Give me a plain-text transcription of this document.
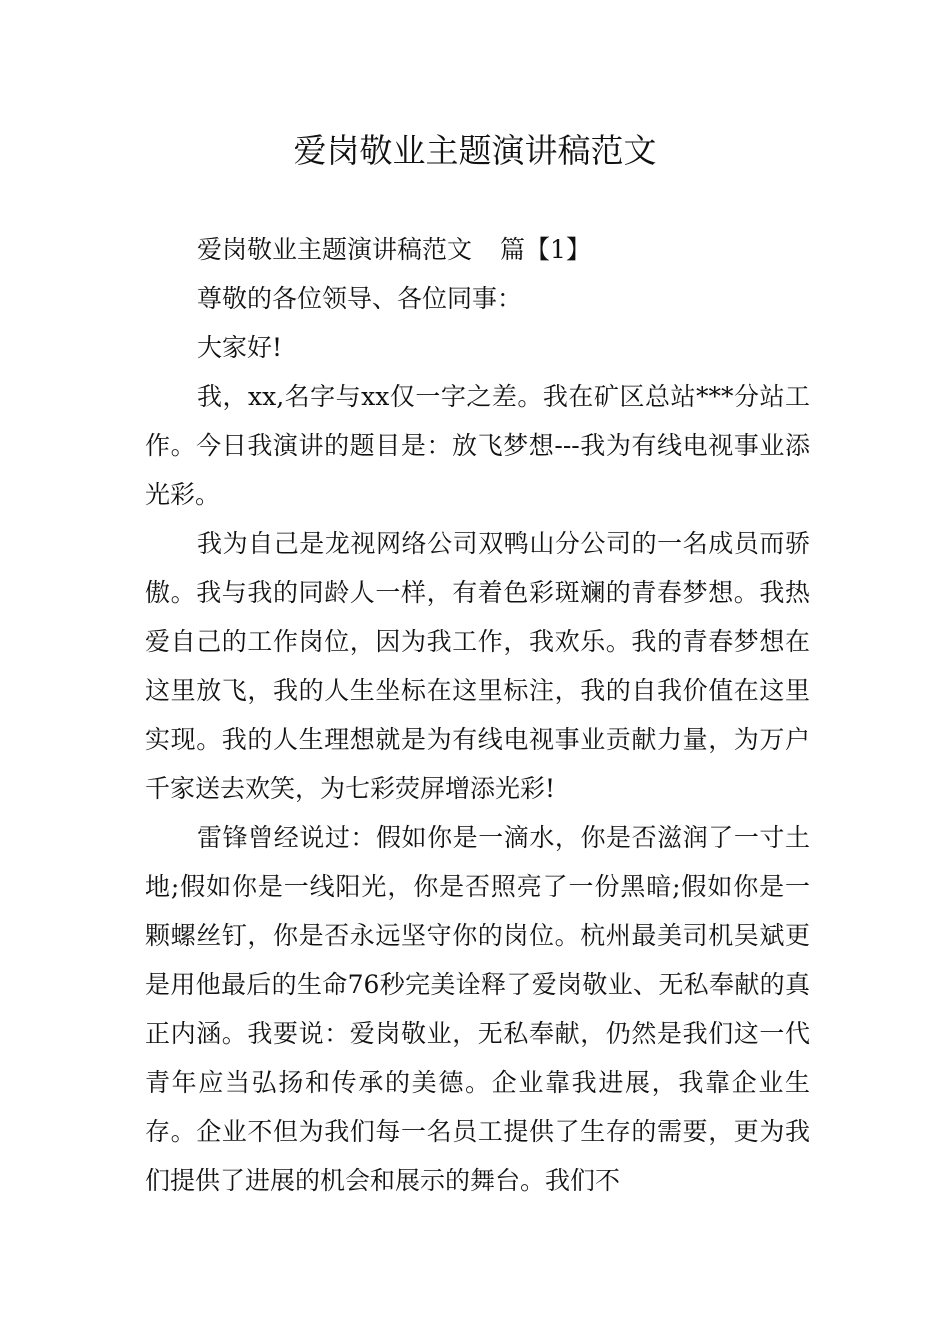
爱岗敬业主题演讲稿范文

爱岗敬业主题演讲稿范文 篇【1】

尊敬的各位领导、各位同事：

大家好!

我，xx,名字与xx仅一字之差。我在矿区总站***分站工作。今日我演讲的题目是：放飞梦想---我为有线电视事业添光彩。

我为自己是龙视网络公司双鸭山分公司的一名成员而骄傲。我与我的同龄人一样，有着色彩斑斓的青春梦想。我热爱自己的工作岗位，因为我工作，我欢乐。我的青春梦想在这里放飞，我的人生坐标在这里标注，我的自我价值在这里实现。我的人生理想就是为有线电视事业贡献力量，为万户千家送去欢笑，为七彩荧屏增添光彩!

雷锋曾经说过：假如你是一滴水，你是否滋润了一寸土地;假如你是一线阳光，你是否照亮了一份黑暗;假如你是一颗螺丝钉，你是否永远坚守你的岗位。杭州最美司机吴斌更是用他最后的生命76秒完美诠释了爱岗敬业、无私奉献的真正内涵。我要说：爱岗敬业，无私奉献，仍然是我们这一代青年应当弘扬和传承的美德。企业靠我进展，我靠企业生存。企业不但为我们每一名员工提供了生存的需要，更为我们提供了进展的机会和展示的舞台。我们不
